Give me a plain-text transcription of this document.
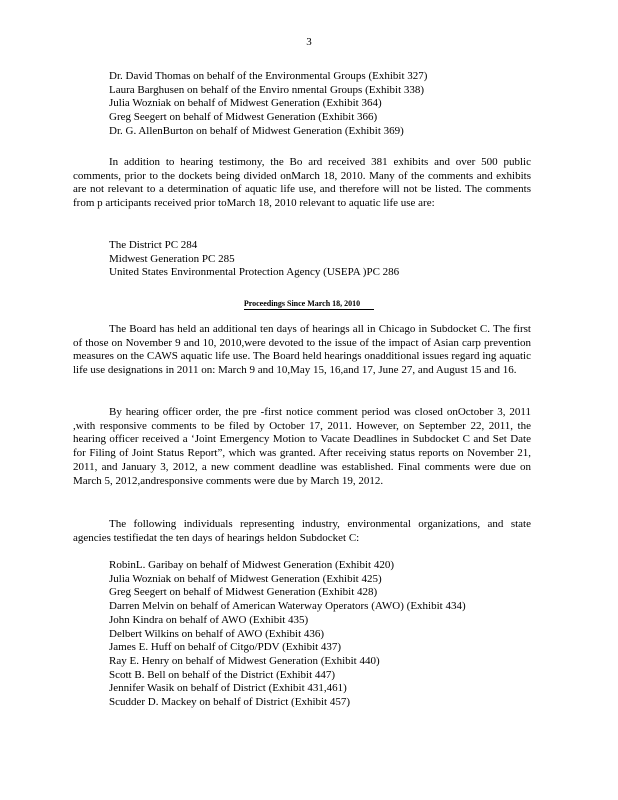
3
Dr. David Thomas on behalf of the Environmental Groups (Exhibit 327)
Laura Barghusen on behalf of the Enviro nmental Groups (Exhibit 338)
Julia Wozniak on behalf of Midwest Generation (Exhibit 364)
Greg Seegert on behalf of Midwest Generation (Exhibit 366)
Dr. G. AllenBurton on behalf of Midwest Generation (Exhibit 369)

In addition to hearing testimony, the Bo ard received 381 exhibits and over 500 public comments, prior to the dockets being divided onMarch 18, 2010. Many of the comments and exhibits are not relevant to a determination of aquatic life use, and therefore will not be listed. The comments from p articipants received prior toMarch 18, 2010 relevant to aquatic life use are:

The District PC 284
Midwest Generation PC 285
United States Environmental Protection Agency (USEPA )PC 286
Proceedings Since March 18, 2010

The Board has held an additional ten days of hearings all in Chicago in Subdocket C. The first of those on November 9 and 10, 2010,were devoted to the issue of the impact of Asian carp prevention measures on the CAWS aquatic life use. The Board held hearings onadditional issues regard ing aquatic life use designations in 2011 on: March 9 and 10,May 15, 16,and 17, June 27, and August 15 and 16.

By hearing officer order, the pre -first notice comment period was closed onOctober 3, 2011 ,with responsive comments to be filed by October 17, 2011. However, on September 22, 2011, the hearing officer received a ‘Joint Emergency Motion to Vacate Deadlines in Subdocket C and Set Date for Filing of Joint Status Report”, which was granted. After receiving status reports on November 21, 2011, and January 3, 2012, a new comment deadline was established. Final comments were due on March 5, 2012,andresponsive comments were due by March 19, 2012.

The following individuals representing industry, environmental organizations, and state agencies testifiedat the ten days of hearings heldon Subdocket C:

RobinL. Garibay on behalf of Midwest Generation (Exhibit 420)
Julia Wozniak on behalf of Midwest Generation (Exhibit 425)
Greg Seegert on behalf of Midwest Generation (Exhibit 428)
Darren Melvin on behalf of American Waterway Operators (AWO) (Exhibit 434)
John Kindra on behalf of AWO (Exhibit 435)
Delbert Wilkins on behalf of AWO (Exhibit 436)
James E. Huff on behalf of Citgo/PDV (Exhibit 437)
Ray E. Henry on behalf of Midwest Generation (Exhibit 440)
Scott B. Bell on behalf of the District (Exhibit 447)
Jennifer Wasik on behalf of District (Exhibit 431,461)
Scudder D. Mackey on behalf of District (Exhibit 457)
